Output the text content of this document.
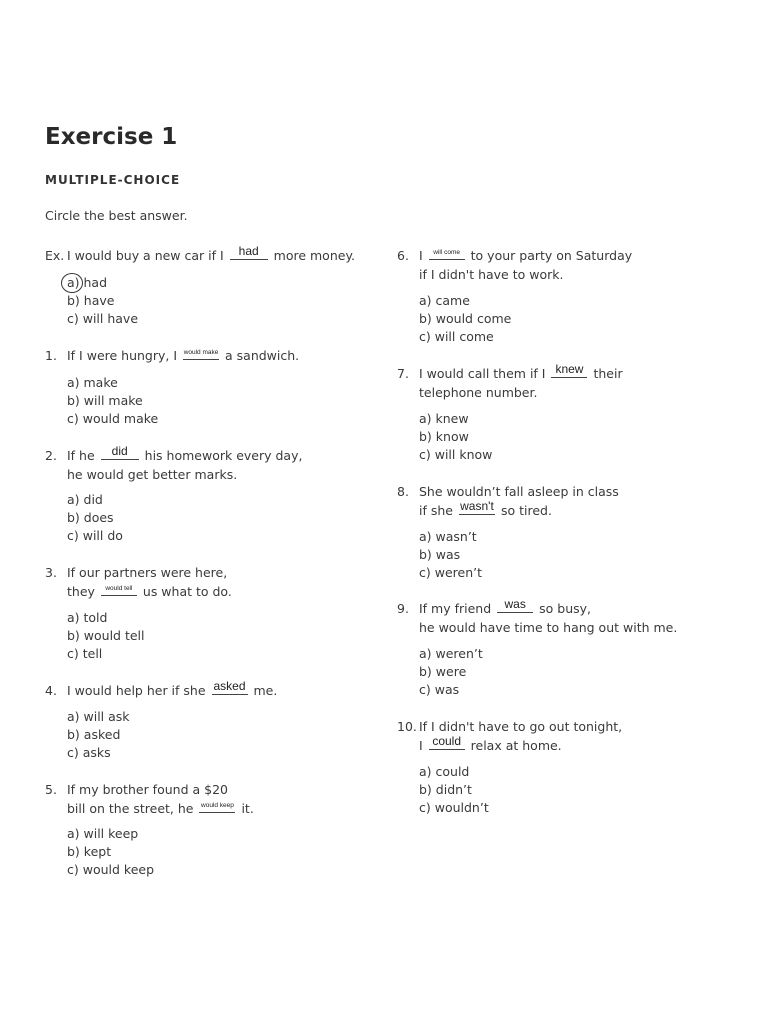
Exercise 1
MULTIPLE-CHOICE
Circle the best answer.
Ex. I would buy a new car if I	had	more money.
a) had
b) have
c) will have
1. If I were hungry, I would make a sandwich.
a) make
b) will make
c) would make
2. If he	did	his homework every day,
he would get better marks.
a) did
b) does
c) will do
3. If our partners were here,
they	would tell us what to do.
a) told
b) would tell
c) tell
4. I would help her if she asked me.
a) will ask
b) asked
c) asks
5. If my brother found a $20
bill on the street, he would keep it.
a) will keep
b) kept
c) would keep
6. I	will come to your party on Saturday
if I didn't have to work.
a) came
b) would come
c) will come
7. I would call them if I knew their
telephone number.
a) knew
b) know
c) will know
8. She wouldn’t fall asleep in class
if she wasn't so tired.
a) wasn’t
b) was
c) weren’t
9. If my friend	was	so busy,
he would have time to hang out with me.
a) weren’t
b) were
c) was
10. If I didn't have to go out tonight,
I could relax at home.
a) could
b) didn’t
c) wouldn’t
